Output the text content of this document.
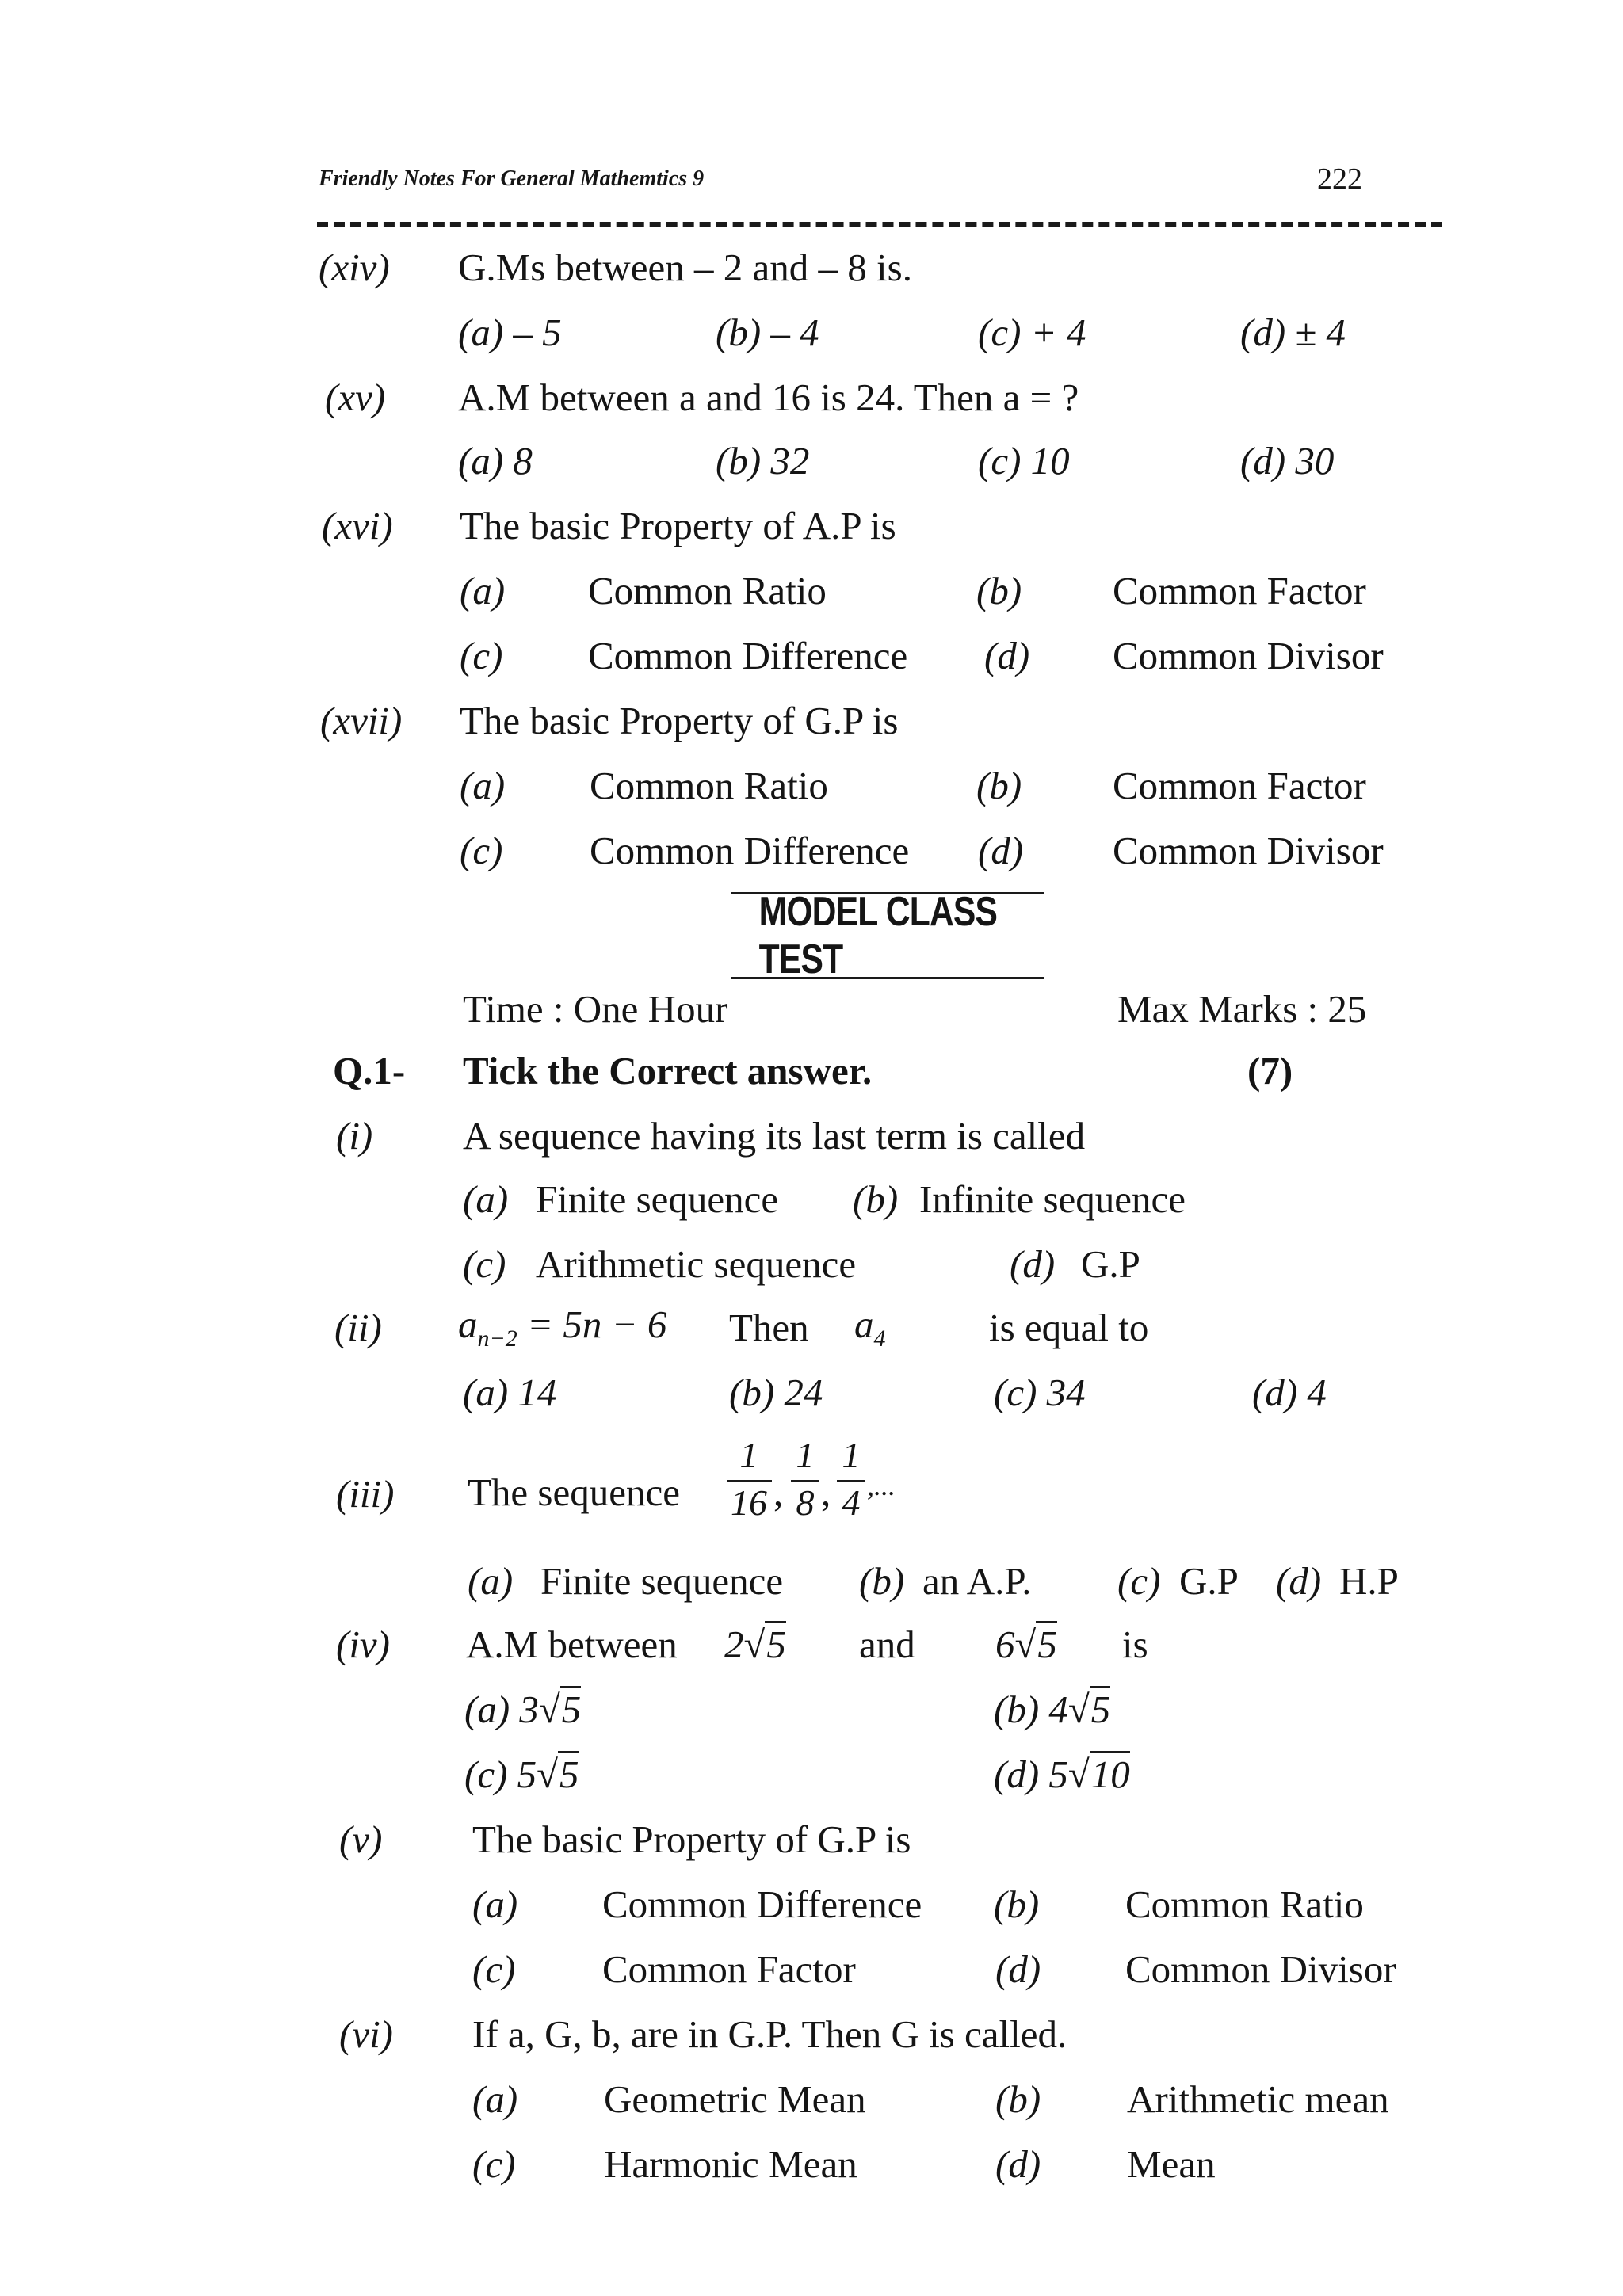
Friendly Notes For General Mathemtics 9	222
(xiv) G.Ms between – 2 and – 8 is.
(a) – 5	(b) – 4	(c) + 4	(d) ± 4
(xv) A.M between a and 16 is 24. Then a = ?
(a) 8	(b) 32	(c) 10	(d) 30
(xvi) The basic Property of A.P is
(a) Common Ratio	(b) Common Factor
(c) Common Difference (d) Common Divisor
(xvii) The basic Property of G.P is
(a) Common Ratio	(b) Common Factor
(c) Common Difference (d) Common Divisor
MODEL CLASS TEST
Time : One Hour	Max Marks : 25
Q.1- Tick the Correct answer.	(7)
(i) A sequence having its last term is called
(a) Finite sequence (b) Infinite sequence
(c) Arithmetic sequence	(d) G.P
(ii) $a_{n-2} = 5n - 6$ Then $a_4$	is equal to
(a) 14	(b) 24	(c) 34	(d) 4
(iii) The sequence
1
16 ,
1
8 ,
1
4 ,...
(a) Finite sequence (b) an A.P. (c) G.P (d) H.P
(iv) A.M between 2√5 and 6√5 is
(a) 3√5	(b) 4√5
(c) 5√5	(d) 5√10
(v) The basic Property of G.P is
(a) Common Difference (b) Common Ratio
(c) Common Factor	(d) Common Divisor
(vi) If a, G, b, are in G.P. Then G is called.
(a) Geometric Mean	(b) Arithmetic mean
(c) Harmonic Mean	(d) Mean
